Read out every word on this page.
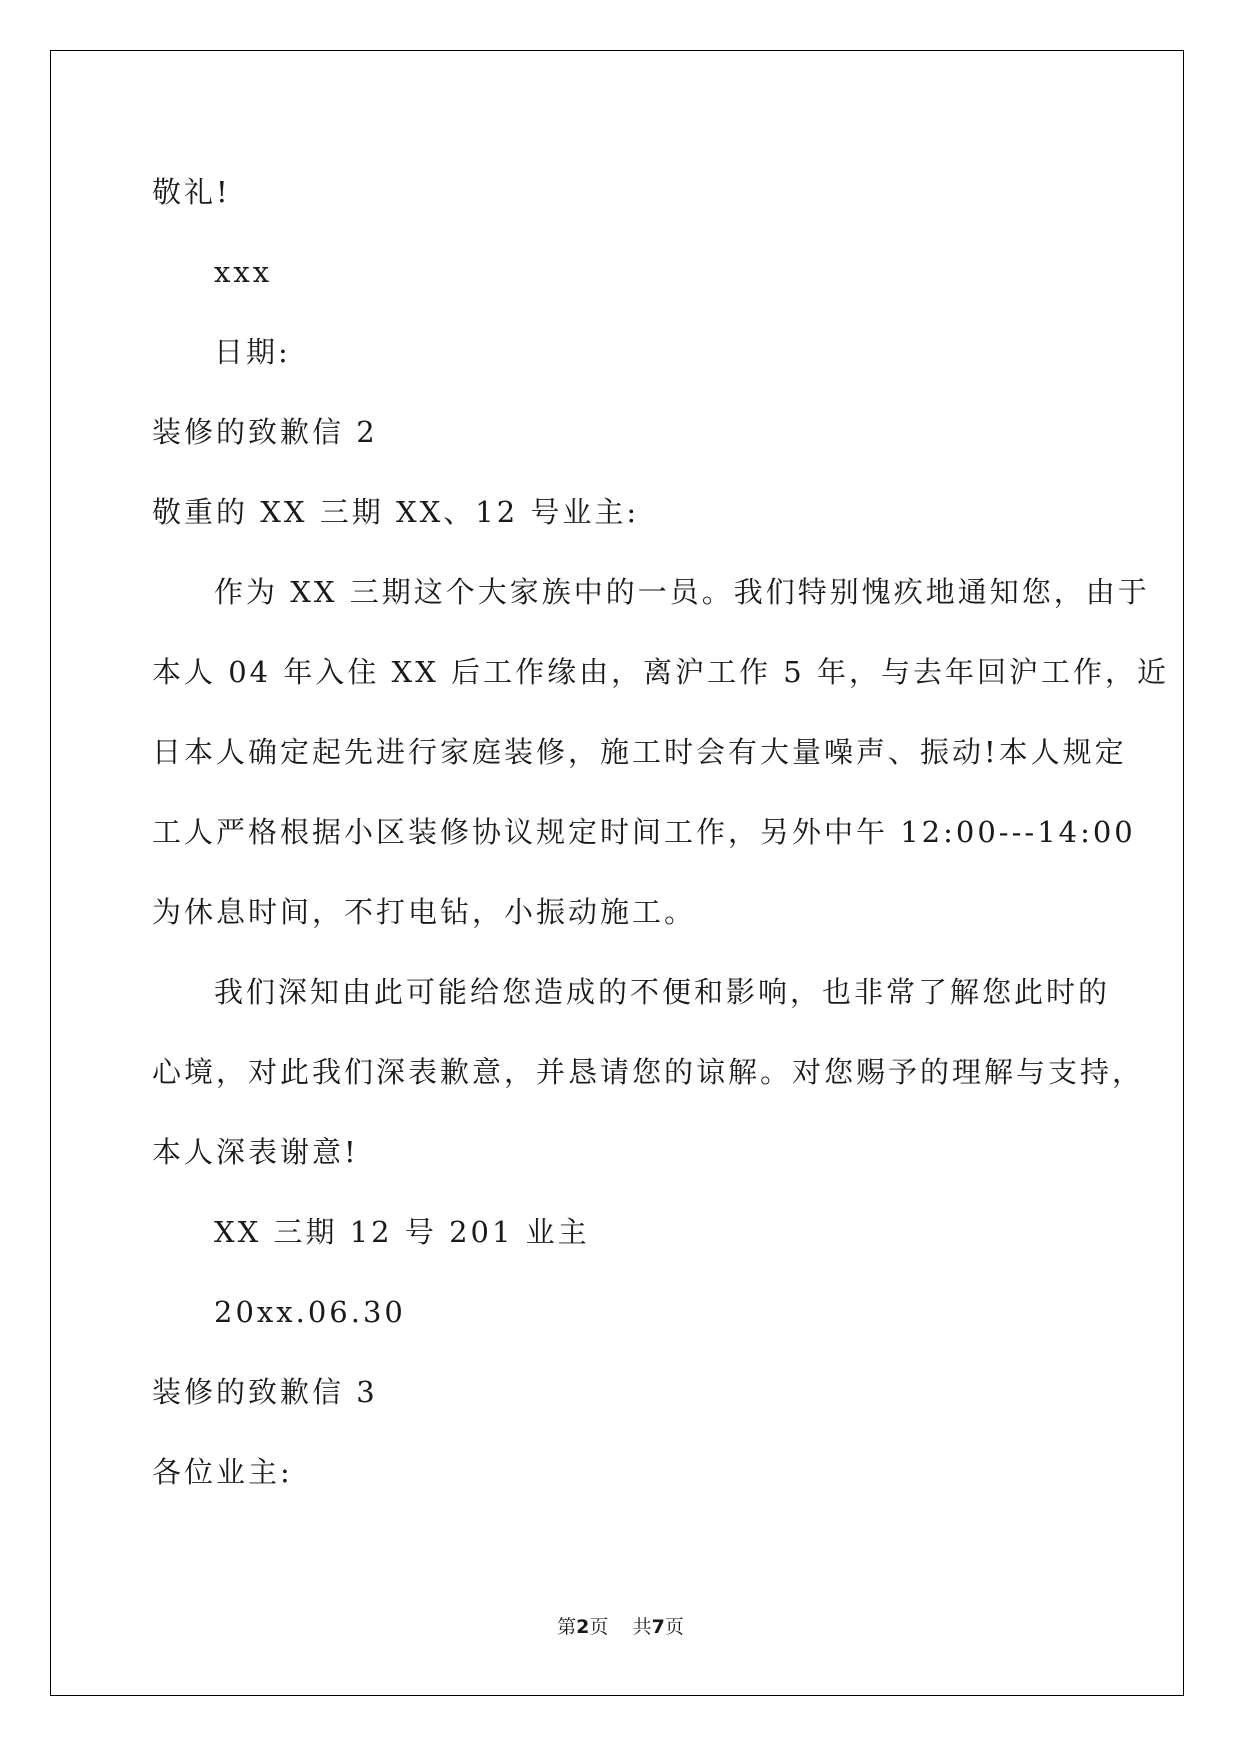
敬礼!
xxx
日期:
装修的致歉信 2
敬重的 XX 三期 XX、12 号业主:
作为 XX 三期这个大家族中的一员。我们特别愧疚地通知您，由于
本人 04 年入住 XX 后工作缘由，离沪工作 5 年，与去年回沪工作，近
日本人确定起先进行家庭装修，施工时会有大量噪声、振动!本人规定
工人严格根据小区装修协议规定时间工作，另外中午 12:00---14:00
为休息时间，不打电钻，小振动施工。
我们深知由此可能给您造成的不便和影响，也非常了解您此时的
心境，对此我们深表歉意，并恳请您的谅解。对您赐予的理解与支持，
本人深表谢意!
XX 三期 12 号 201 业主
20xx.06.30
装修的致歉信 3
各位业主:
第2页 共7页
